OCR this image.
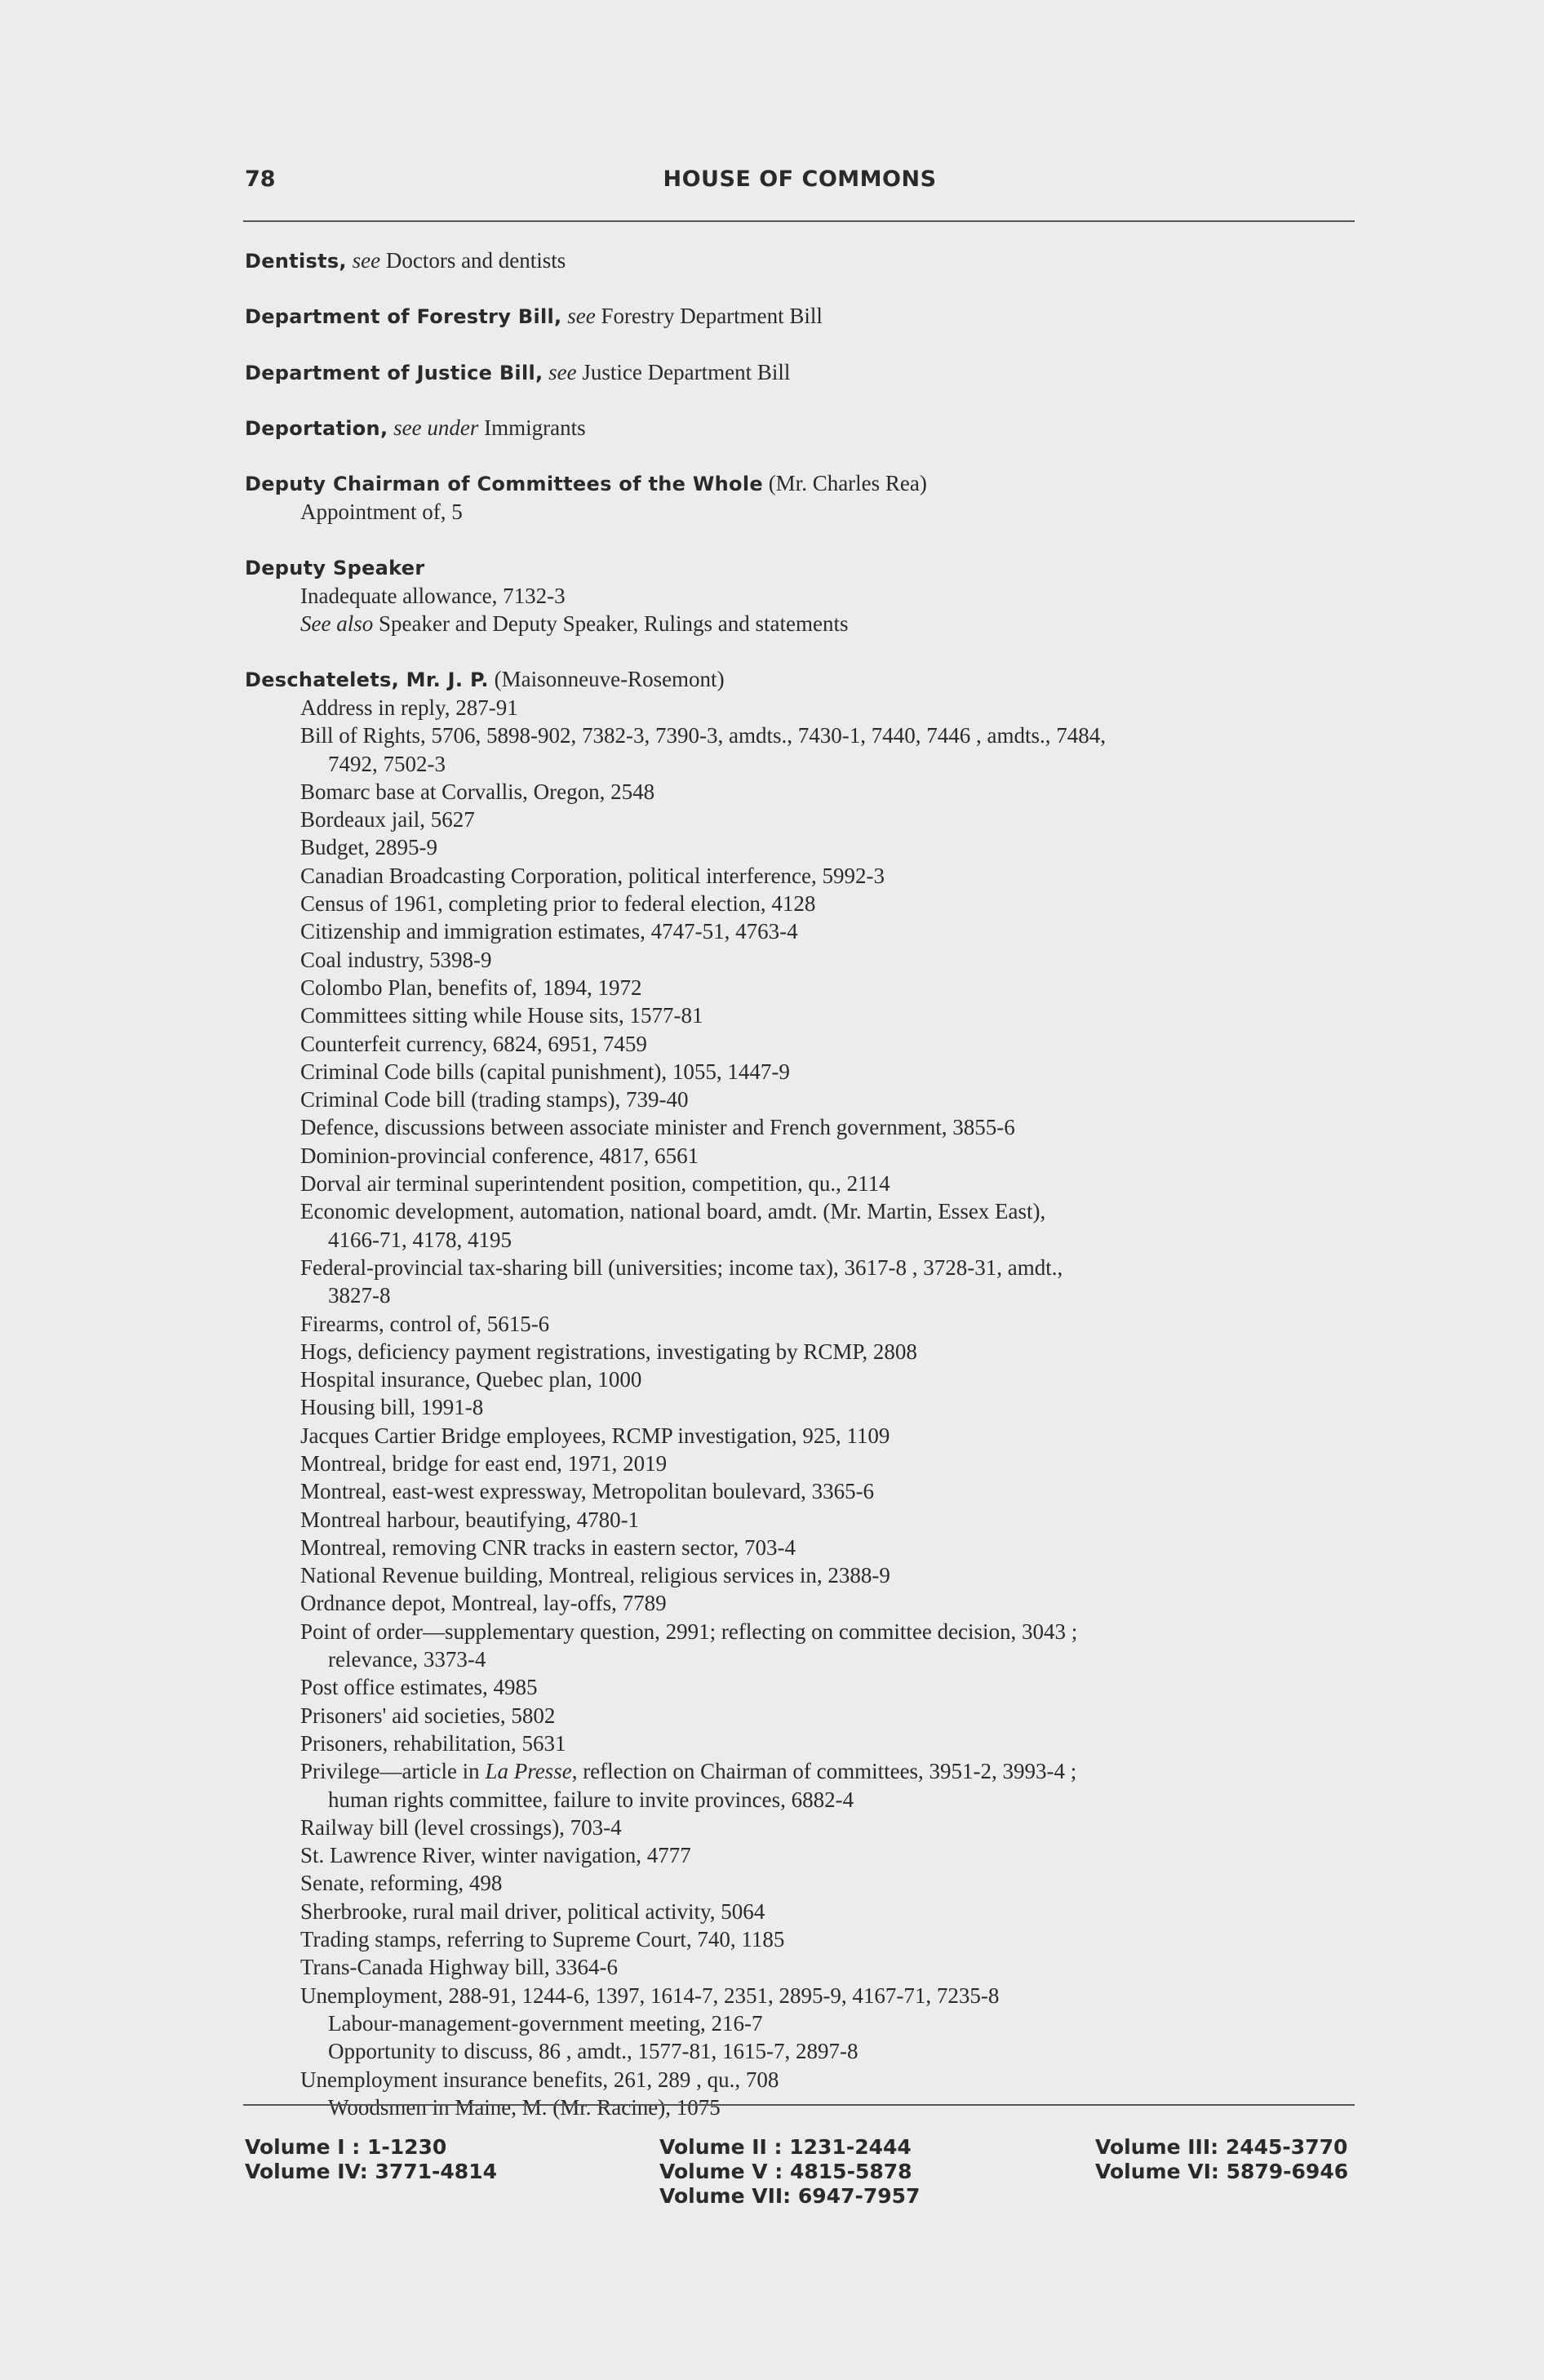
78	HOUSE OF COMMONS
Dentists, see Doctors and dentists
Department of Forestry Bill, see Forestry Department Bill
Department of Justice Bill, see Justice Department Bill
Deportation, see under Immigrants
Deputy Chairman of Committees of the Whole (Mr. Charles Rea)
Appointment of, 5
Deputy Speaker
Inadequate allowance, 7132-3
See also Speaker and Deputy Speaker, Rulings and statements
Deschatelets, Mr. J. P. (Maisonneuve-Rosemont)
Address in reply, 287-91
Bill of Rights, 5706, 5898-902, 7382-3, 7390-3, amdts., 7430-1, 7440, 7446 , amdts., 7484,
7492, 7502-3
Bomarc base at Corvallis, Oregon, 2548
Bordeaux jail, 5627
Budget, 2895-9
Canadian Broadcasting Corporation, political interference, 5992-3
Census of 1961, completing prior to federal election, 4128
Citizenship and immigration estimates, 4747-51, 4763-4
Coal industry, 5398-9
Colombo Plan, benefits of, 1894, 1972
Committees sitting while House sits, 1577-81
Counterfeit currency, 6824, 6951, 7459
Criminal Code bills (capital punishment), 1055, 1447-9
Criminal Code bill (trading stamps), 739-40
Defence, discussions between associate minister and French government, 3855-6
Dominion-provincial conference, 4817, 6561
Dorval air terminal superintendent position, competition, qu., 2114
Economic development, automation, national board, amdt. (Mr. Martin, Essex East),
4166-71, 4178, 4195
Federal-provincial tax-sharing bill (universities; income tax), 3617-8 , 3728-31, amdt.,
3827-8
Firearms, control of, 5615-6
Hogs, deficiency payment registrations, investigating by RCMP, 2808
Hospital insurance, Quebec plan, 1000
Housing bill, 1991-8
Jacques Cartier Bridge employees, RCMP investigation, 925, 1109
Montreal, bridge for east end, 1971, 2019
Montreal, east-west expressway, Metropolitan boulevard, 3365-6
Montreal harbour, beautifying, 4780-1
Montreal, removing CNR tracks in eastern sector, 703-4
National Revenue building, Montreal, religious services in, 2388-9
Ordnance depot, Montreal, lay-offs, 7789
Point of order—supplementary question, 2991; reflecting on committee decision, 3043 ;
relevance, 3373-4
Post office estimates, 4985
Prisoners' aid societies, 5802
Prisoners, rehabilitation, 5631
Privilege—article in La Presse, reflection on Chairman of committees, 3951-2, 3993-4 ;
human rights committee, failure to invite provinces, 6882-4
Railway bill (level crossings), 703-4
St. Lawrence River, winter navigation, 4777
Senate, reforming, 498
Sherbrooke, rural mail driver, political activity, 5064
Trading stamps, referring to Supreme Court, 740, 1185
Trans-Canada Highway bill, 3364-6
Unemployment, 288-91, 1244-6, 1397, 1614-7, 2351, 2895-9, 4167-71, 7235-8
Labour-management-government meeting, 216-7
Opportunity to discuss, 86 , amdt., 1577-81, 1615-7, 2897-8
Unemployment insurance benefits, 261, 289 , qu., 708
Woodsmen in Maine, M. (Mr. Racine), 1075
Volume I : 1-1230
Volume IV: 3771-4814
Volume II : 1231-2444
Volume V : 4815-5878
Volume VII: 6947-7957
Volume III: 2445-3770
Volume VI: 5879-6946
